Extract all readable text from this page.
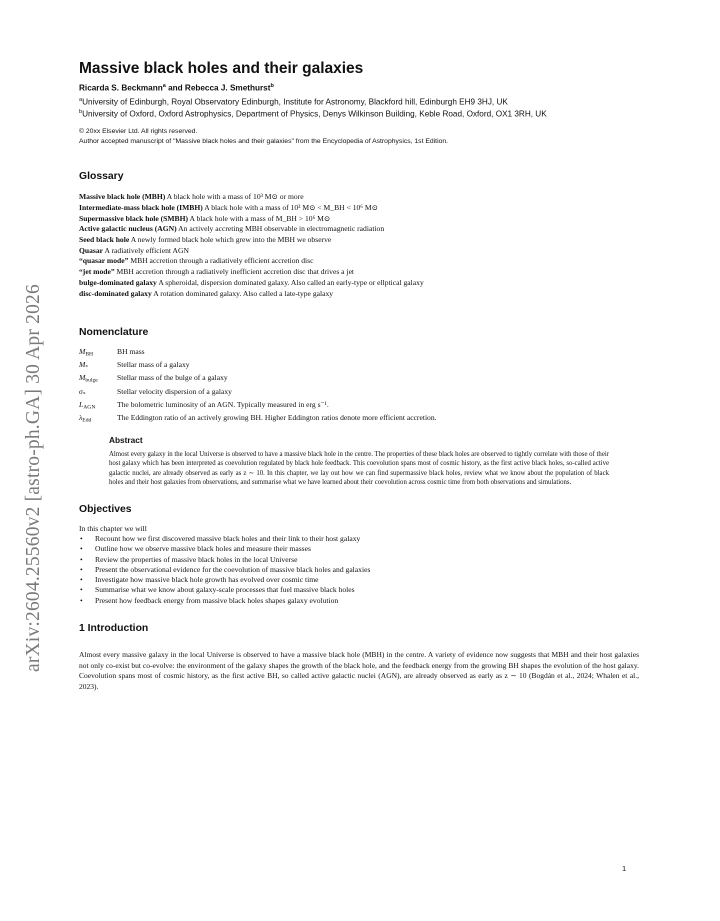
arXiv:2604.25560v2 [astro-ph.GA] 30 Apr 2026
Massive black holes and their galaxies
Ricarda S. Beckmann$^a$ and Rebecca J. Smethurst$^b$
$^a$University of Edinburgh, Royal Observatory Edinburgh, Institute for Astronomy, Blackford hill, Edinburgh EH9 3HJ, UK
$^b$University of Oxford, Oxford Astrophysics, Department of Physics, Denys Wilkinson Building, Keble Road, Oxford, OX1 3RH, UK
© 20xx Elsevier Ltd. All rights reserved.
Author accepted manuscript of "Massive black holes and their galaxies" from the Encyclopedia of Astrophysics, 1st Edition.
Glossary
Massive black hole (MBH) A black hole with a mass of 10³ M⊙ or more
Intermediate-mass black hole (IMBH) A black hole with a mass of 10³ M⊙ < M_BH < 10⁶ M⊙
Supermassive black hole (SMBH) A black hole with a mass of M_BH > 10⁶ M⊙
Active galactic nucleus (AGN) An actively accreting MBH observable in electromagnetic radiation
Seed black hole A newly formed black hole which grew into the MBH we observe
Quasar A radiatively efficient AGN
“quasar mode” MBH accretion through a radiatively efficient accretion disc
“jet mode” MBH accretion through a radiatively inefficient accretion disc that drives a jet
bulge-dominated galaxy A spheroidal, dispersion dominated galaxy. Also called an early-type or ellptical galaxy
disc-dominated galaxy A rotation dominated galaxy. Also called a late-type galaxy
Nomenclature
$M_{BH}$	BH mass
$M_*$	Stellar mass of a galaxy
$M_{bulge}$	Stellar mass of the bulge of a galaxy
$\sigma_*$	Stellar velocity dispersion of a galaxy
$L_{AGN}$	The bolometric luminosity of an AGN. Typically measured in erg s⁻¹.
$\lambda_{Edd}$	The Eddington ratio of an actively growing BH. Higher Eddington ratios denote more efficient accretion.
Abstract

Almost every galaxy in the local Universe is observed to have a massive black hole in the centre. The properties of these black holes are observed to tightly correlate with those of their host galaxy which has been interpreted as coevolution regulated by black hole feedback. This coevolution spans most of cosmic history, as the first active black holes, so-called active galactic nuclei, are already observed as early as z ∼ 10. In this chapter, we lay out how we can find supermassive black holes, review what we know about the population of black holes and their host galaxies from observations, and summarise what we have learned about their coevolution across cosmic time from both observations and simulations.

Objectives
In this chapter we will
• Recount how we first discovered massive black holes and their link to their host galaxy
• Outline how we observe massive black holes and measure their masses
• Review the properties of massive black holes in the local Universe
• Present the observational evidence for the coevolution of massive black holes and galaxies
• Investigate how massive black hole growth has evolved over cosmic time
• Summarise what we know about galaxy-scale processes that fuel massive black holes
• Present how feedback energy from massive black holes shapes galaxy evolution
1 Introduction

Almost every massive galaxy in the local Universe is observed to have a massive black hole (MBH) in the centre. A variety of evidence now suggests that MBH and their host galaxies not only co-exist but co-evolve: the environment of the galaxy shapes the growth of the black hole, and the feedback energy from the growing BH shapes the evolution of the host galaxy. Coevolution spans most of cosmic history, as the first active BH, so called active galactic nuclei (AGN), are already observed as early as z ∼ 10 (Bogdán et al., 2024; Whalen et al., 2023).

1
